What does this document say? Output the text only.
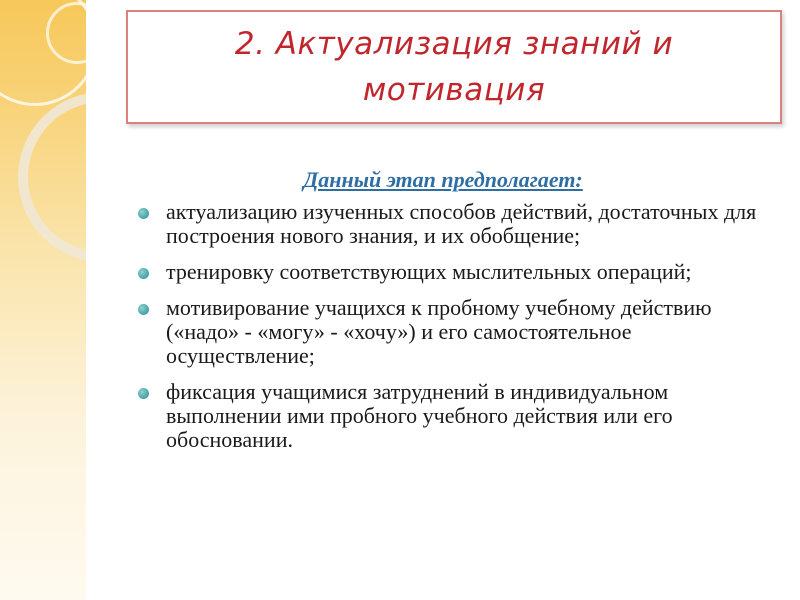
2. Актуализация знаний и мотивация
Данный этап предполагает:
актуализацию изученных способов действий, достаточных для построения нового знания, и их обобщение;
тренировку соответствующих мыслительных операций;
мотивирование учащихся к пробному учебному действию («надо» - «могу» - «хочу») и его самостоятельное осуществление;
фиксация учащимися затруднений в индивидуальном выполнении ими пробного учебного действия или его обосновании.
